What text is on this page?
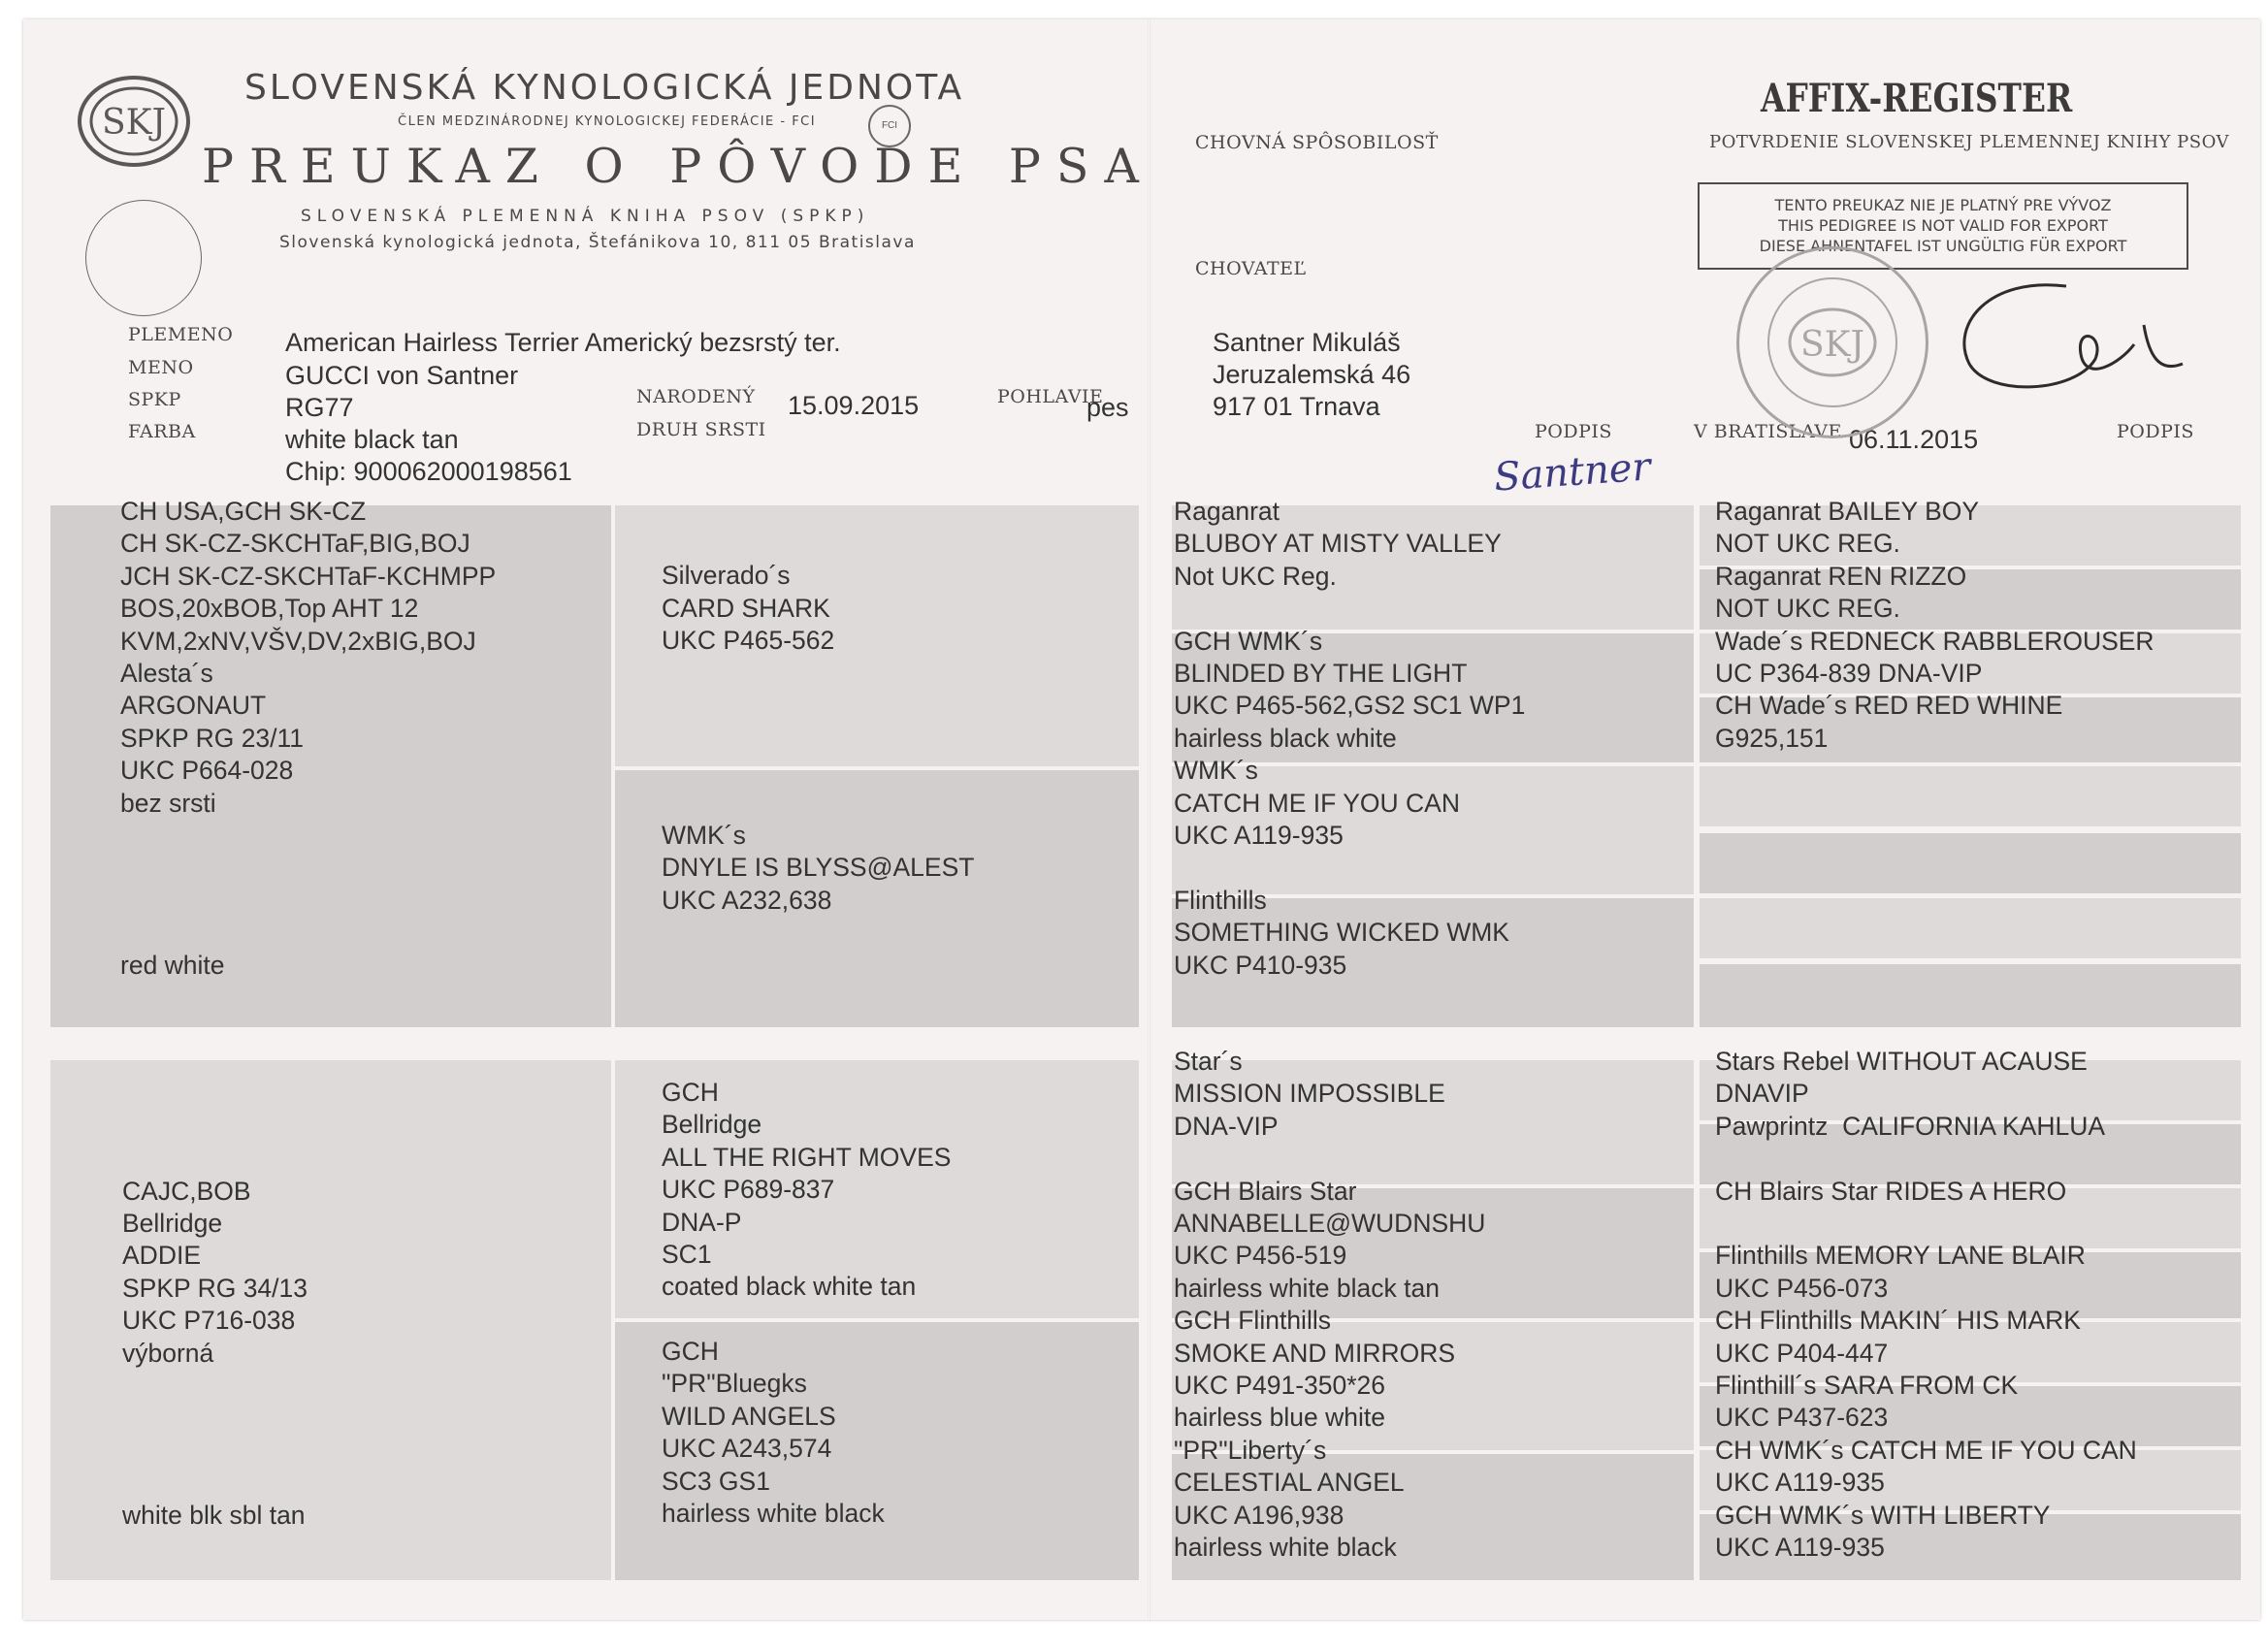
SKJ
SLOVENSKÁ KYNOLOGICKÁ JEDNOTA
ČLEN MEDZINÁRODNEJ KYNOLOGICKEJ FEDERÁCIE - FCI	FCI
PREUKAZ O PÔVODE PSA
SLOVENSKÁ PLEMENNÁ KNIHA PSOV (SPKP)
Slovenská kynologická jednota, Štefánikova 10, 811 05 Bratislava
PLEMENO
MENO
SPKP
FARBA
American Hairless Terrier Americký bezsrstý ter.
GUCCI von Santner
RG77
white black tan
Chip: 900062000198561
NARODENÝ
DRUH SRSTI
15.09.2015	POHLAVIE
pes
CHOVNÁ SPÔSOBILOSŤ
CHOVATEĽ
AFFIX-REGISTER
POTVRDENIE SLOVENSKEJ PLEMENNEJ KNIHY PSOV
TENTO PREUKAZ NIE JE PLATNÝ PRE VÝVOZ
THIS PEDIGREE IS NOT VALID FOR EXPORT
DIESE AHNENTAFEL IST UNGÜLTIG FÜR EXPORT
Santner Mikuláš
Jeruzalemská 46
917 01 Trnava
PODPIS
Santner
V BRATISLAVE 06.11.2015	PODPIS
SKJ
CH USA,GCH SK-CZ
CH SK-CZ-SKCHTaF,BIG,BOJ
JCH SK-CZ-SKCHTaF-KCHMPP
BOS,20xBOB,Top AHT 12
KVM,2xNV,VŠV,DV,2xBIG,BOJ
Alesta´s
ARGONAUT
SPKP RG 23/11
UKC P664-028
bez srsti
red white
Silverado´s
CARD SHARK
UKC P465-562
WMK´s
DNYLE IS BLYSS@ALEST
UKC A232,638
Raganrat
BLUBOY AT MISTY VALLEY
Not UKC Reg.
GCH WMK´s
BLINDED BY THE LIGHT
UKC P465-562,GS2 SC1 WP1
hairless black white
WMK´s
CATCH ME IF YOU CAN
UKC A119-935
Flinthills
SOMETHING WICKED WMK
UKC P410-935
Raganrat BAILEY BOY
NOT UKC REG.
Raganrat REN RIZZO
NOT UKC REG.
Wade´s REDNECK RABBLEROUSER
UC P364-839 DNA-VIP
CH Wade´s RED RED WHINE
G925,151
CAJC,BOB
Bellridge
ADDIE
SPKP RG 34/13
UKC P716-038
výborná
white blk sbl tan
GCH
Bellridge
ALL THE RIGHT MOVES
UKC P689-837
DNA-P
SC1
coated black white tan
GCH
"PR"Bluegks
WILD ANGELS
UKC A243,574
SC3 GS1
hairless white black
Star´s
MISSION IMPOSSIBLE
DNA-VIP
GCH Blairs Star
ANNABELLE@WUDNSHU
UKC P456-519
hairless white black tan
GCH Flinthills
SMOKE AND MIRRORS
UKC P491-350*26
hairless blue white
"PR"Liberty´s
CELESTIAL ANGEL
UKC A196,938
hairless white black
Stars Rebel WITHOUT ACAUSE
DNAVIP
Pawprintz  CALIFORNIA KAHLUA
CH Blairs Star RIDES A HERO
Flinthills MEMORY LANE BLAIR
UKC P456-073
CH Flinthills MAKIN´ HIS MARK
UKC P404-447
Flinthill´s SARA FROM CK
UKC P437-623
CH WMK´s CATCH ME IF YOU CAN
UKC A119-935
GCH WMK´s WITH LIBERTY
UKC A119-935
